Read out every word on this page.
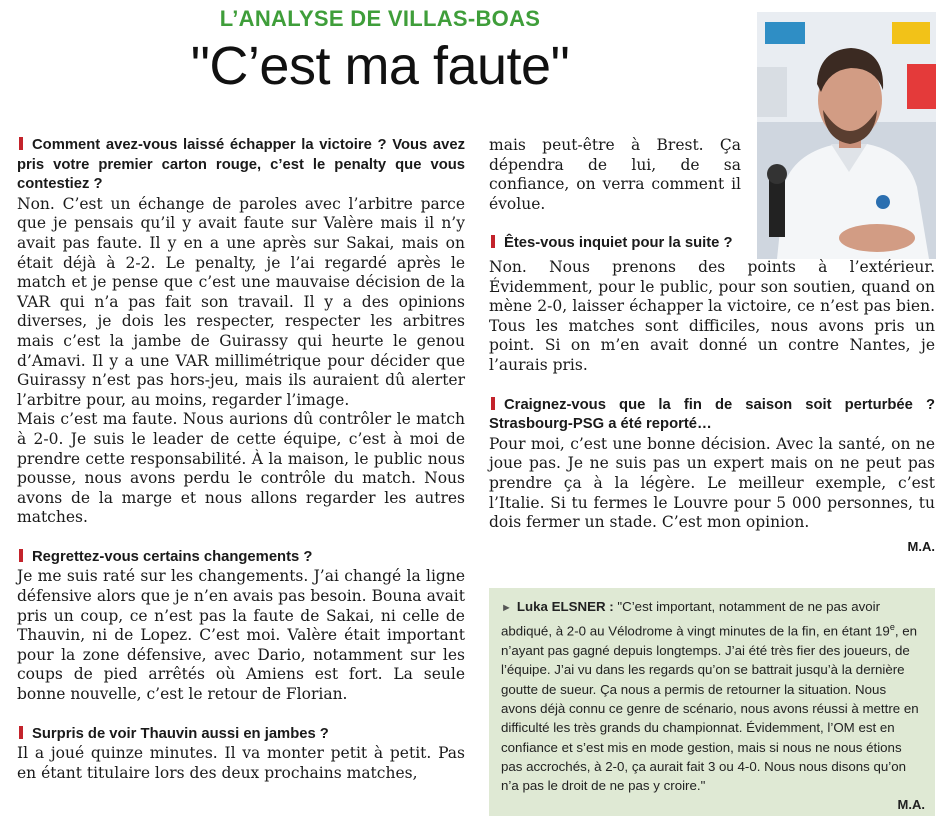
L’ANALYSE DE VILLAS-BOAS
"C’est ma faute"

Comment avez-vous laissé échapper la victoire ? Vous avez pris votre premier carton rouge, c’est le penalty que vous contestiez ?

Non. C’est un échange de paroles avec l’arbitre parce que je pensais qu’il y avait faute sur Valère mais il n’y avait pas faute. Il y en a une après sur Sakai, mais on était déjà à 2-2. Le penalty, je l’ai regardé après le match et je pense que c’est une mauvaise décision de la VAR qui n’a pas fait son travail. Il y a des opinions diverses, je dois les respecter, respecter les arbitres mais c’est la jambe de Guirassy qui heurte le genou d’Amavi. Il y a une VAR millimétrique pour décider que Guirassy n’est pas hors-jeu, mais ils auraient dû alerter l’arbitre pour, au moins, regarder l’image.

Mais c’est ma faute. Nous aurions dû contrôler le match à 2-0. Je suis le leader de cette équipe, c’est à moi de prendre cette responsabilité. À la maison, le public nous pousse, nous avons perdu le contrôle du match. Nous avons de la marge et nous allons regarder les autres matches.

Regrettez-vous certains changements ?

Je me suis raté sur les changements. J’ai changé la ligne défensive alors que je n’en avais pas besoin. Bouna avait pris un coup, ce n’est pas la faute de Sakai, ni celle de Thauvin, ni de Lopez. C’est moi. Valère était important pour la zone défensive, avec Dario, notamment sur les coups de pied arrêtés où Amiens est fort. La seule bonne nouvelle, c’est le retour de Florian.

Surpris de voir Thauvin aussi en jambes ?

Il a joué quinze minutes. Il va monter petit à petit. Pas en étant titulaire lors des deux prochains matches,

mais peut-être à Brest. Ça dépendra de lui, de sa confiance, on verra comment il évolue.

Êtes-vous inquiet pour la suite ?

Non. Nous prenons des points à l’extérieur. Évidemment, pour le public, pour son soutien, quand on mène 2-0, laisser échapper la victoire, ce n’est pas bien. Tous les matches sont difficiles, nous avons pris un point. Si on m’en avait donné un contre Nantes, je l’aurais pris.

Craignez-vous que la fin de saison soit perturbée ? Strasbourg-PSG a été reporté…

Pour moi, c’est une bonne décision. Avec la santé, on ne joue pas. Je ne suis pas un expert mais on ne peut pas prendre ça à la légère. Le meilleur exemple, c’est l’Italie. Si tu fermes le Louvre pour 5 000 personnes, tu dois fermer un stade. C’est mon opinion.

M.A.
► Luka ELSNER : "C’est important, notamment de ne pas avoir abdiqué, à 2-0 au Vélodrome à vingt minutes de la fin, en étant 19e, en n’ayant pas gagné depuis longtemps. J’ai été très fier des joueurs, de l’équipe. J’ai vu dans les regards qu’on se battrait jusqu’à la dernière goutte de sueur. Ça nous a permis de retourner la situation. Nous avons déjà connu ce genre de scénario, nous avons réussi à mettre en difficulté les très grands du championnat. Évidemment, l’OM est en confiance et s’est mis en mode gestion, mais si nous ne nous étions pas accrochés, à 2-0, ça aurait fait 3 ou 4-0. Nous nous disons qu’on n’a pas le droit de ne pas y croire."
M.A.
